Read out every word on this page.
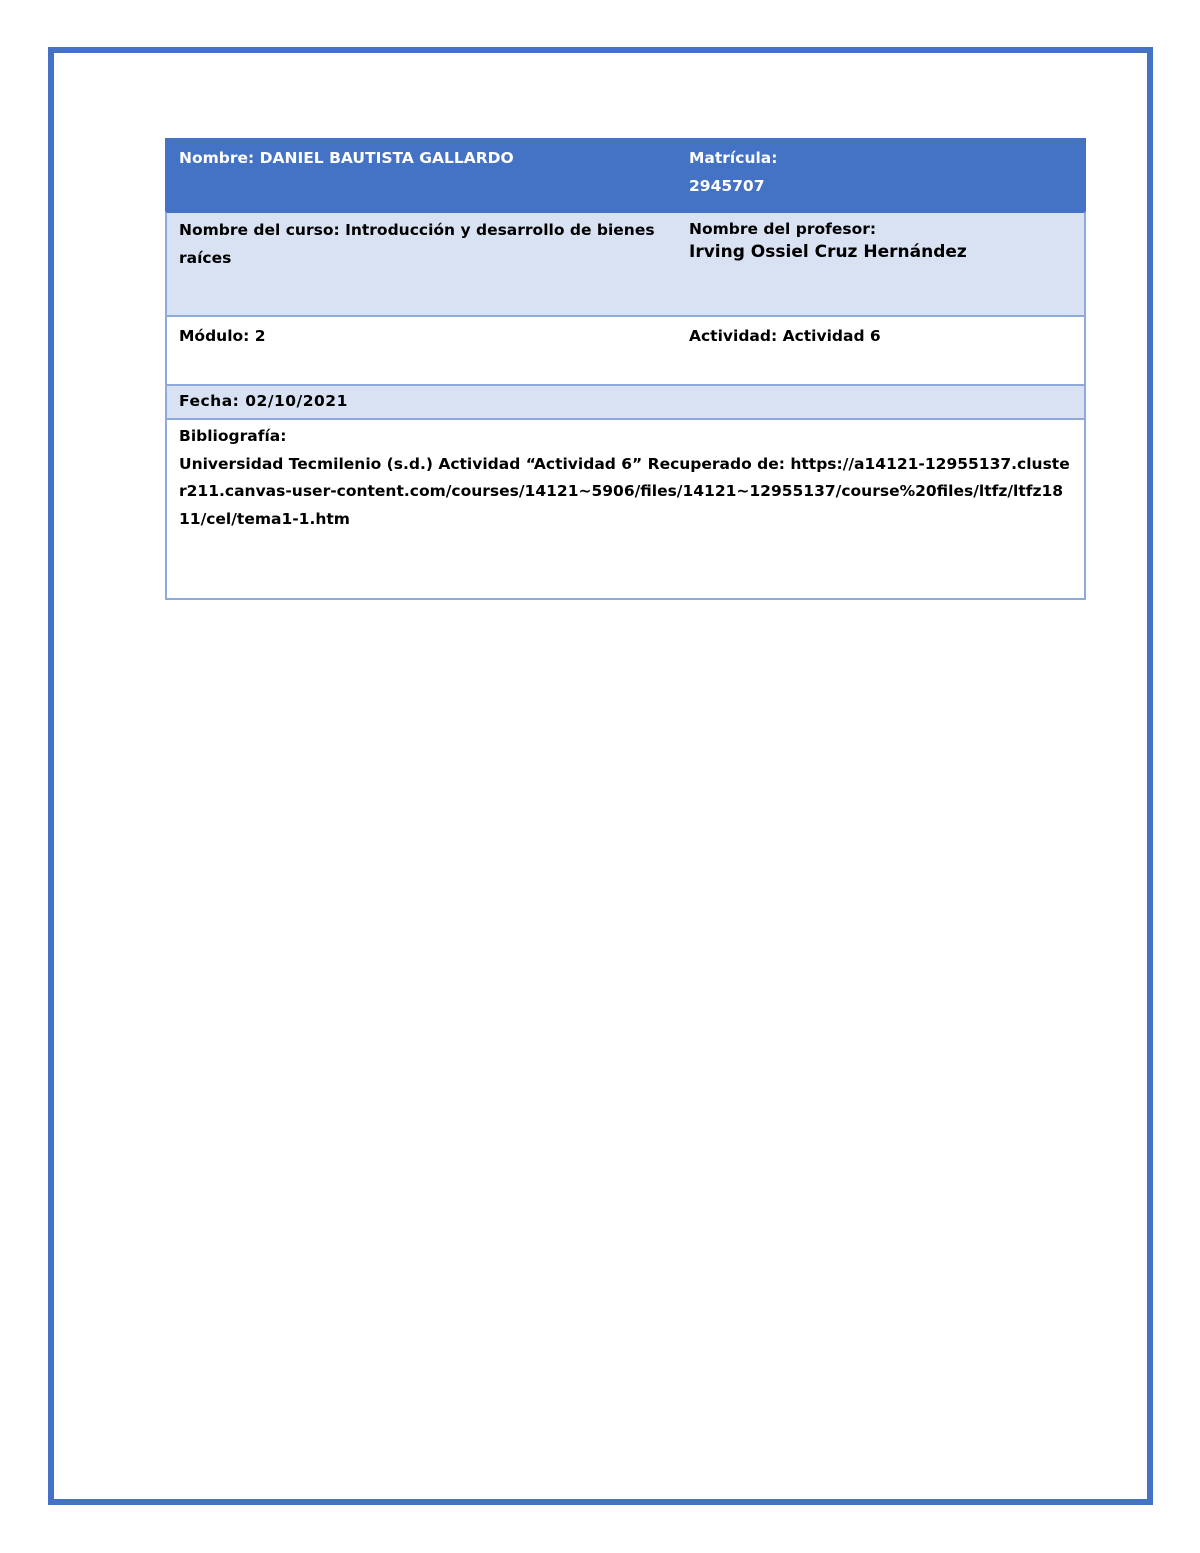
Nombre: DANIEL BAUTISTA GALLARDO	Matrícula:
2945707
Nombre del curso: Introducción y desarrollo de bienes raíces
Nombre del profesor:
Irving Ossiel Cruz Hernández
Módulo: 2	Actividad: Actividad 6
Fecha: 02/10/2021
Bibliografía:
Universidad Tecmilenio (s.d.) Actividad “Actividad 6” Recuperado de: https://a14121-12955137.cluster211.canvas-user-content.com/courses/14121~5906/files/14121~12955137/course%20files/ltfz/ltfz1811/cel/tema1-1.htm
